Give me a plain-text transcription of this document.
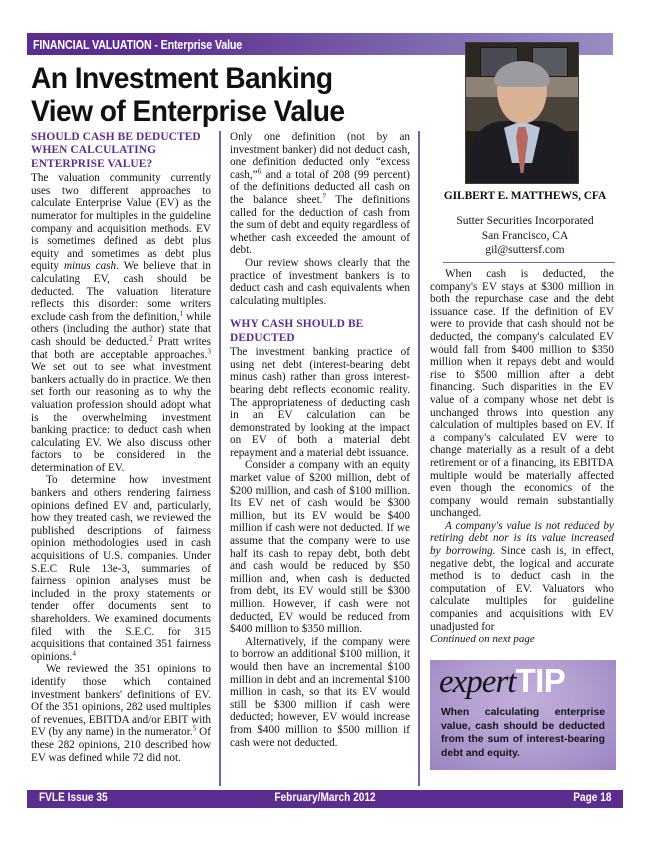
FINANCIAL VALUATION - Enterprise Value
An Investment Banking View of Enterprise Value
GILBERT E. MATTHEWS, CFA
Sutter Securities Incorporated
San Francisco, CA
gil@suttersf.com
SHOULD CASH BE DEDUCTED WHEN CALCULATING ENTERPRISE VALUE?

The valuation community currently uses two different approaches to calculate Enterprise Value (EV) as the numerator for multiples in the guideline company and acquisition methods. EV is sometimes defined as debt plus equity and sometimes as debt plus equity minus cash. We believe that in calculating EV, cash should be deducted. The valuation literature reflects this disorder: some writers exclude cash from the definition,$^1$ while others (including the author) state that cash should be deducted.$^2$ Pratt writes that both are acceptable approaches.$^3$ We set out to see what investment bankers actually do in practice. We then set forth our reasoning as to why the valuation profession should adopt what is the overwhelming investment banking practice: to deduct cash when calculating EV. We also discuss other factors to be considered in the determination of EV.

To determine how investment bankers and others rendering fairness opinions defined EV and, particularly, how they treated cash, we reviewed the published descriptions of fairness opinion methodologies used in cash acquisitions of U.S. companies. Under S.E.C Rule 13e-3, summaries of fairness opinion analyses must be included in the proxy statements or tender offer documents sent to shareholders. We examined documents filed with the S.E.C. for 315 acquisitions that contained 351 fairness opinions.$^4$

We reviewed the 351 opinions to identify those which contained investment bankers' definitions of EV. Of the 351 opinions, 282 used multiples of revenues, EBITDA and/or EBIT with EV (by any name) in the numerator.$^5$ Of these 282 opinions, 210 described how EV was defined while 72 did not.

Only one definition (not by an investment banker) did not deduct cash, one definition deducted only “excess cash,”$^6$ and a total of 208 (99 percent) of the definitions deducted all cash on the balance sheet.$^7$ The definitions called for the deduction of cash from the sum of debt and equity regardless of whether cash exceeded the amount of debt.

Our review shows clearly that the practice of investment bankers is to deduct cash and cash equivalents when calculating multiples.

WHY CASH SHOULD BE DEDUCTED

The investment banking practice of using net debt (interest-bearing debt minus cash) rather than gross interest-bearing debt reflects economic reality. The appropriateness of deducting cash in an EV calculation can be demonstrated by looking at the impact on EV of both a material debt repayment and a material debt issuance.

Consider a company with an equity market value of $200 million, debt of $200 million, and cash of $100 million. Its EV net of cash would be $300 million, but its EV would be $400 million if cash were not deducted. If we assume that the company were to use half its cash to repay debt, both debt and cash would be reduced by $50 million and, when cash is deducted from debt, its EV would still be $300 million. However, if cash were not deducted, EV would be reduced from $400 million to $350 million.

Alternatively, if the company were to borrow an additional $100 million, it would then have an incremental $100 million in debt and an incremental $100 million in cash, so that its EV would still be $300 million if cash were deducted; however, EV would increase from $400 million to $500 million if cash were not deducted.

When cash is deducted, the company's EV stays at $300 million in both the repurchase case and the debt issuance case. If the definition of EV were to provide that cash should not be deducted, the company's calculated EV would fall from $400 million to $350 million when it repays debt and would rise to $500 million after a debt financing. Such disparities in the EV value of a company whose net debt is unchanged throws into question any calculation of multiples based on EV. If a company's calculated EV were to change materially as a result of a debt retirement or of a financing, its EBITDA multiple would be materially affected even though the economics of the company would remain substantially unchanged.

A company's value is not reduced by retiring debt nor is its value increased by borrowing. Since cash is, in effect, negative debt, the logical and accurate method is to deduct cash in the computation of EV. Valuators who calculate multiples for guideline companies and acquisitions with EV unadjusted for

Continued on next page

expertTIP
When calculating enterprise value, cash should be deducted from the sum of interest-bearing debt and equity.
FVLE Issue 35	February/March 2012	Page 18
